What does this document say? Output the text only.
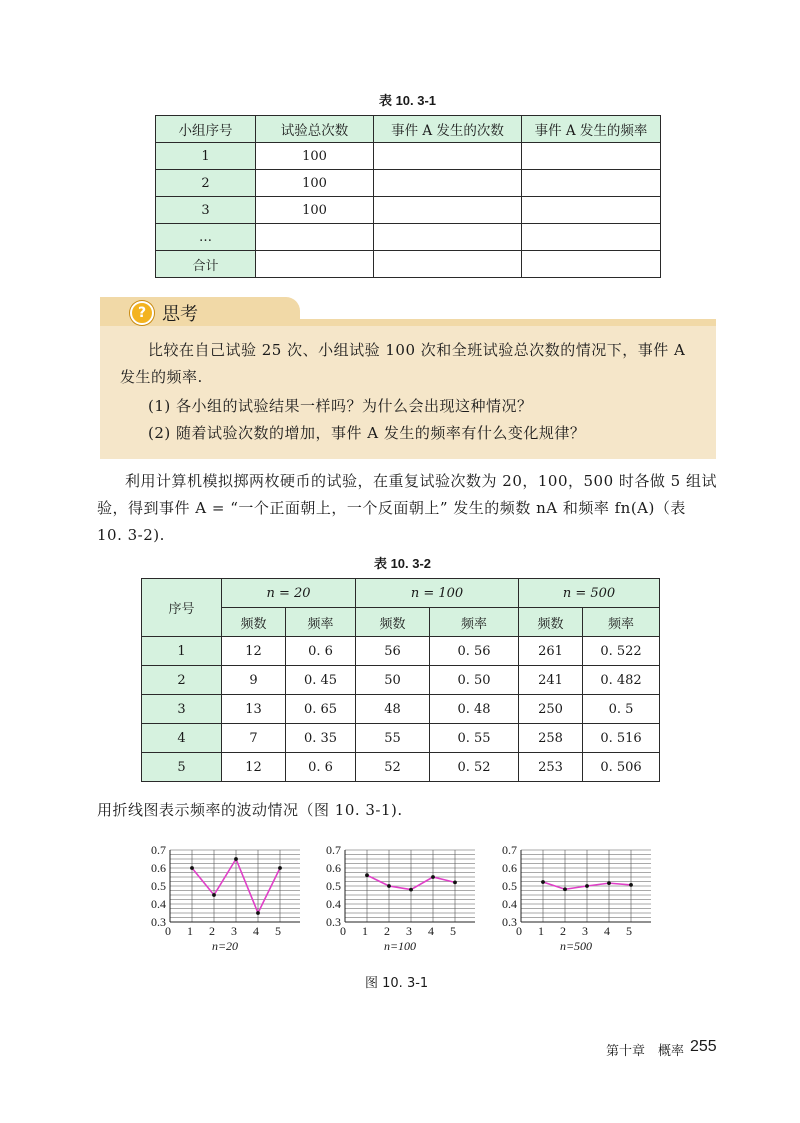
表 10. 3-1
小组序号	试验总次数	事件 A 发生的次数	事件 A 发生的频率
1	100		
2	100		
3	100		
…			
合计			
? 思考
比较在自己试验 25 次、小组试验 100 次和全班试验总次数的情况下，事件 A 发生的频率.
(1) 各小组的试验结果一样吗？为什么会出现这种情况？
(2) 随着试验次数的增加，事件 A 发生的频率有什么变化规律？
利用计算机模拟掷两枚硬币的试验，在重复试验次数为 20，100，500 时各做 5 组试
验，得到事件 A = “一个正面朝上，一个反面朝上” 发生的频数 nA 和频率 fn(A)（表
10. 3-2).
表 10. 3-2
序号	n = 20		n = 100		n = 500	
	频数	频率	频数	频率	频数	频率
1	12	0. 6	56	0. 56	261	0. 522
2	9	0. 45	50	0. 50	241	0. 482
3	13	0. 65	48	0. 48	250	0. 5
4	7	0. 35	55	0. 55	258	0. 516
5	12	0. 6	52	0. 52	253	0. 506
用折线图表示频率的波动情况（图 10. 3-1).
0.3
0.4
0.5
0.6
0.7
0 1 2 3 4 5
n=20
0.3
0.4
0.5
0.6
0.7
0 1 2 3 4 5
n=100
0.3
0.4
0.5
0.6
0.7
0 1 2 3 4 5
n=500
图 10. 3-1
第十章　概率 255
